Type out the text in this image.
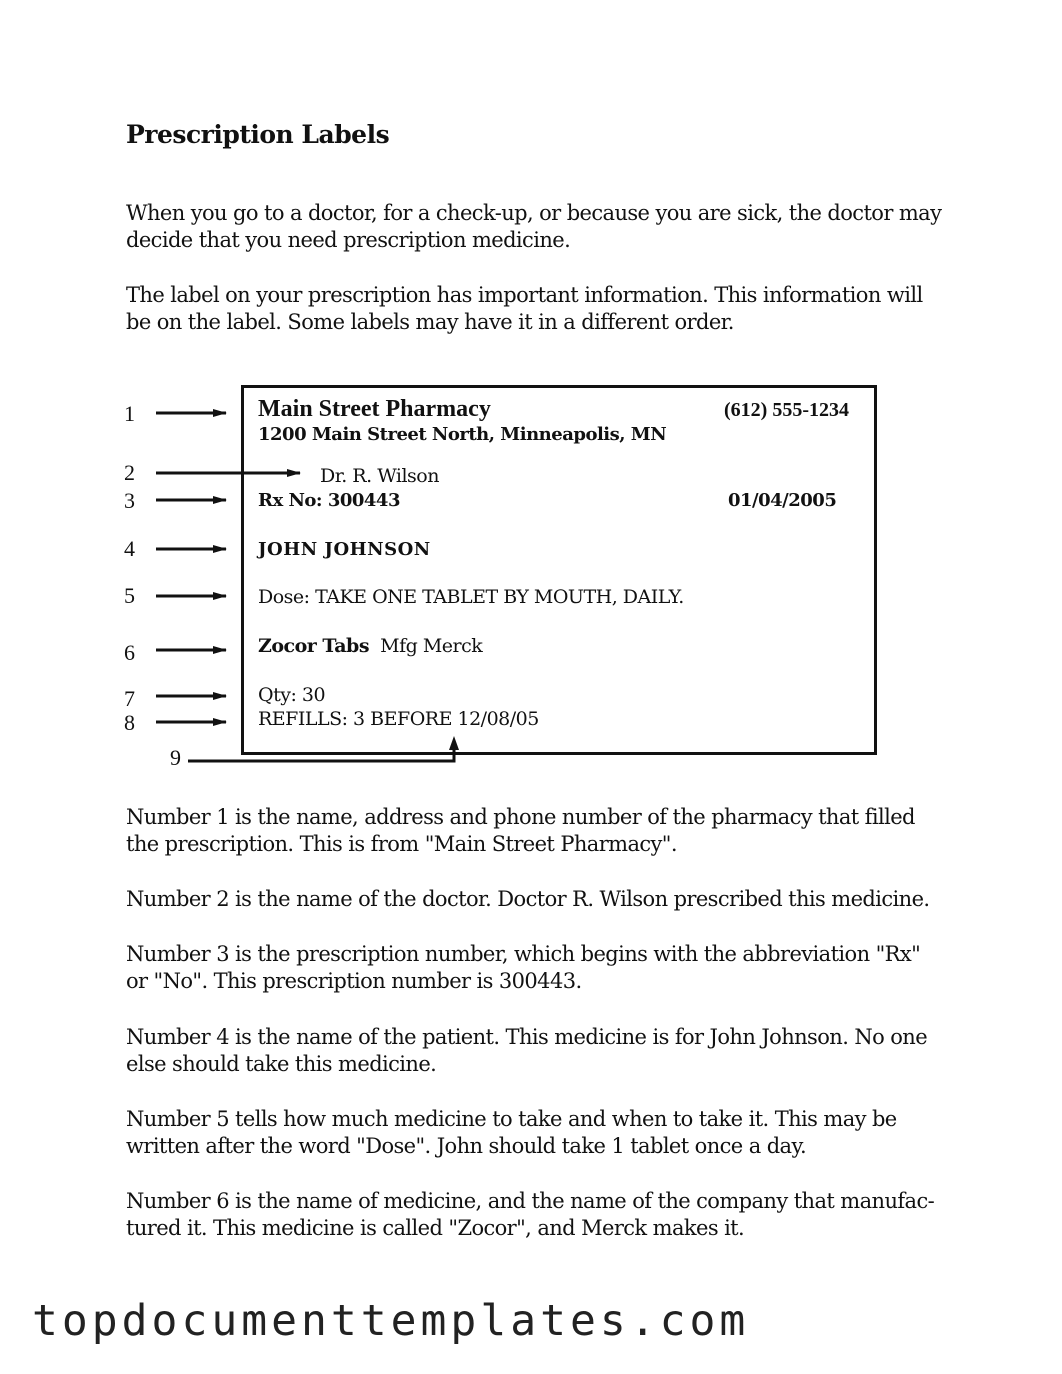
Prescription Labels
When you go to a doctor, for a check-up, or because you are sick, the doctor may decide that you need prescription medicine.
The label on your prescription has important information. This information will be on the label. Some labels may have it in a different order.
Main Street Pharmacy	(612) 555-1234
1200 Main Street North, Minneapolis, MN
Dr. R. Wilson
Rx No: 300443	01/04/2005
JOHN JOHNSON
Dose: TAKE ONE TABLET BY MOUTH, DAILY.
Zocor Tabs Mfg Merck
Qty: 30
REFILLS: 3 BEFORE 12/08/05
1
2
3
4
5
6
7
8
9
Number 1 is the name, address and phone number of the pharmacy that filled the prescription. This is from "Main Street Pharmacy".
Number 2 is the name of the doctor. Doctor R. Wilson prescribed this medicine.
Number 3 is the prescription number, which begins with the abbreviation "Rx" or "No". This prescription number is 300443.
Number 4 is the name of the patient. This medicine is for John Johnson. No one else should take this medicine.
Number 5 tells how much medicine to take and when to take it. This may be written after the word "Dose". John should take 1 tablet once a day.
Number 6 is the name of medicine, and the name of the company that manufac-tured it. This medicine is called "Zocor", and Merck makes it.
topdocumenttemplates.com
